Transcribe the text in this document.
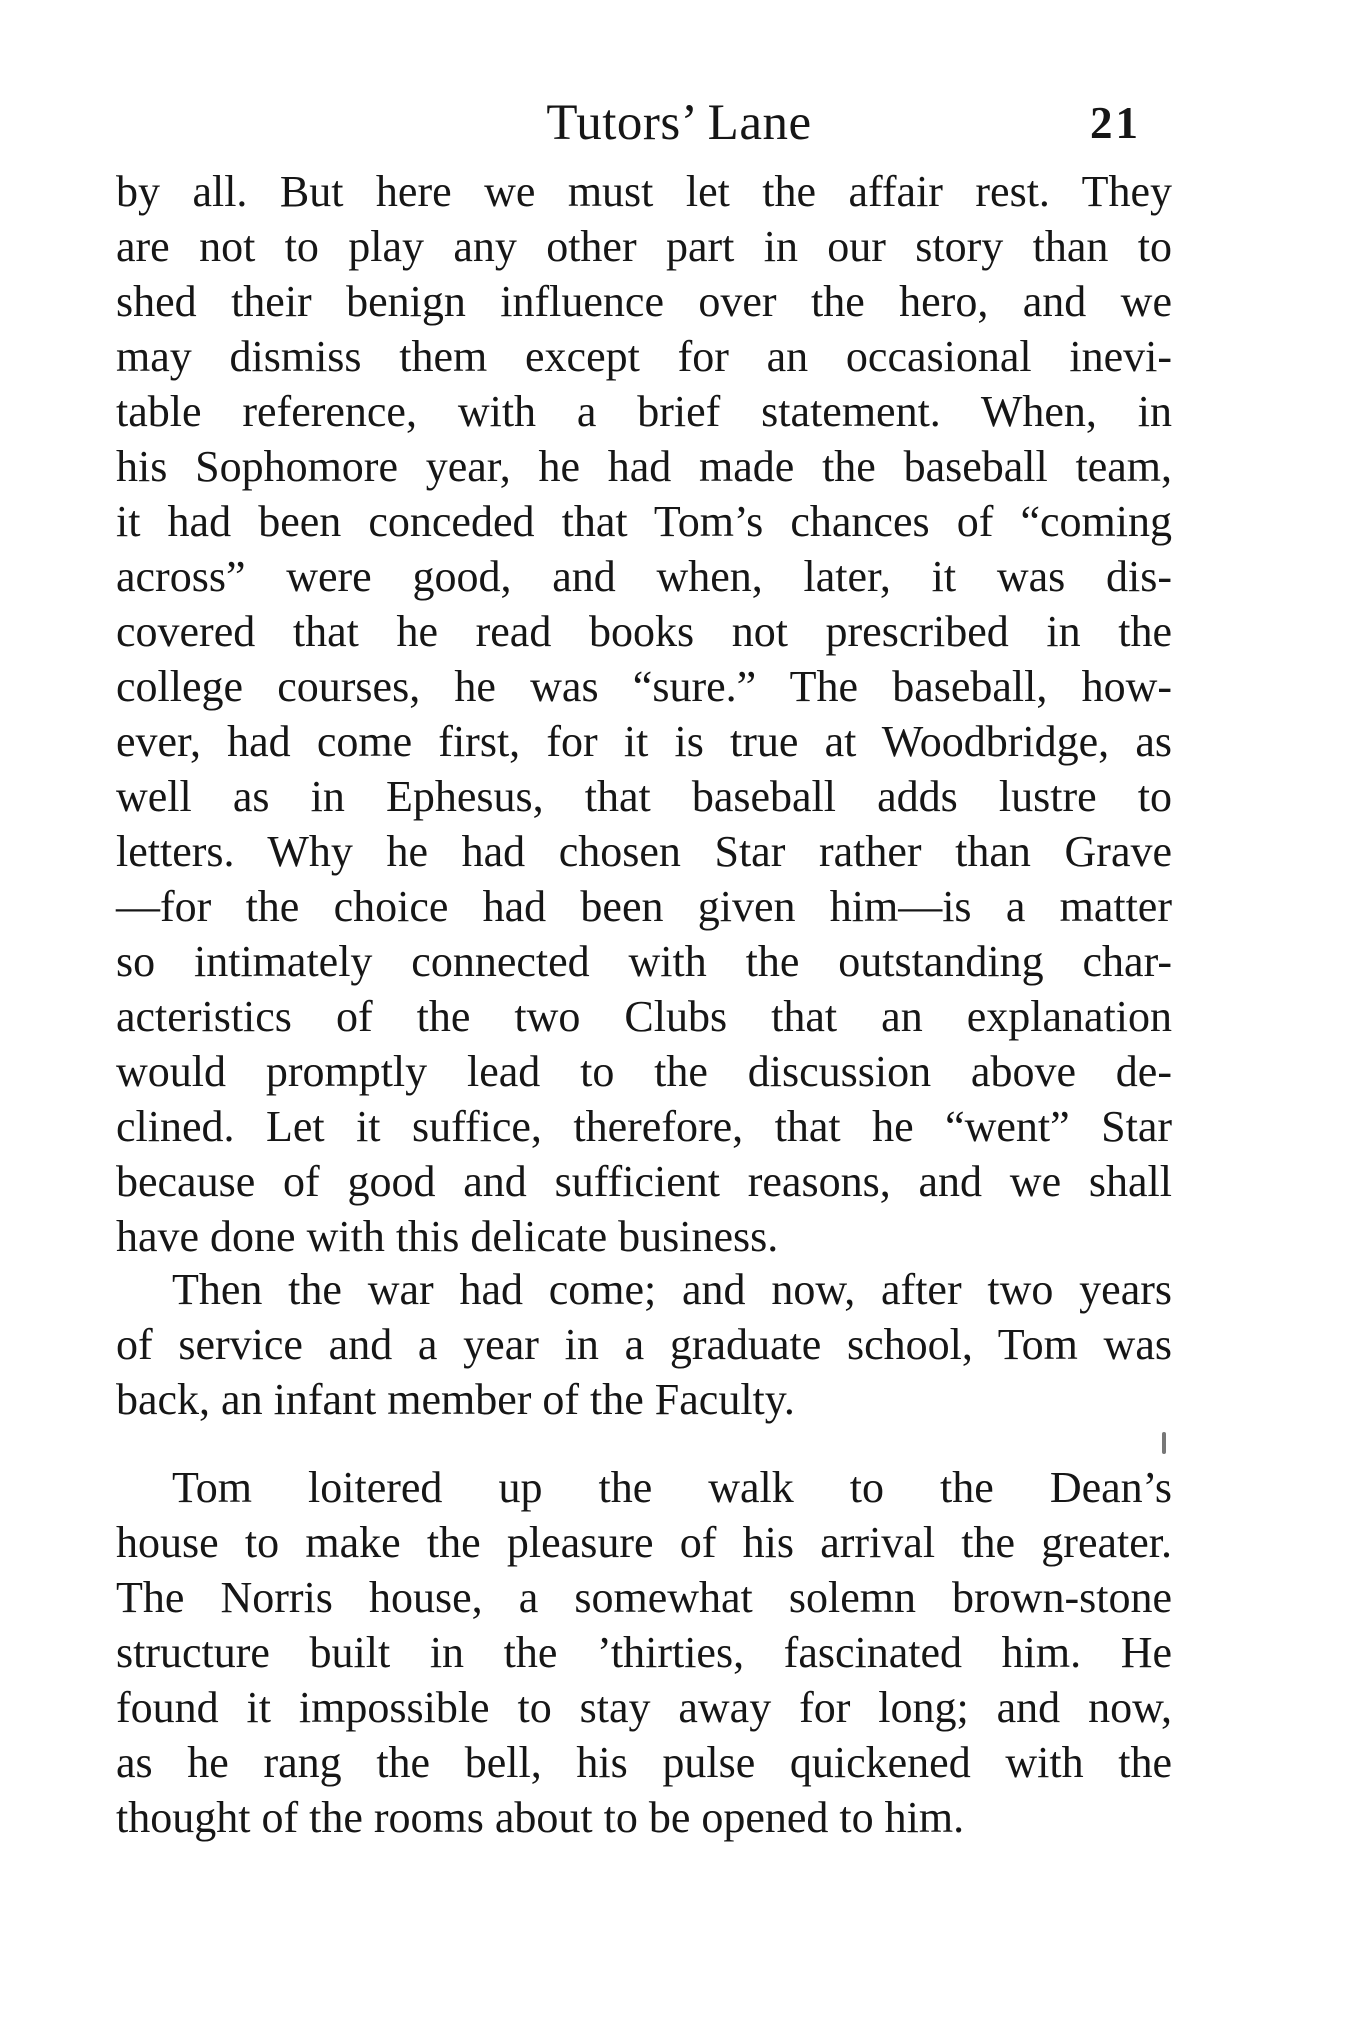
Tutors’ Lane	21
by all. But here we must let the affair rest. They
are not to play any other part in our story than to
shed their benign influence over the hero, and we
may dismiss them except for an occasional inevi-
table reference, with a brief statement. When, in
his Sophomore year, he had made the baseball team,
it had been conceded that Tom’s chances of “coming
across” were good, and when, later, it was dis-
covered that he read books not prescribed in the
college courses, he was “sure.” The baseball, how-
ever, had come first, for it is true at Woodbridge, as
well as in Ephesus, that baseball adds lustre to
letters. Why he had chosen Star rather than Grave
—for the choice had been given him—is a matter
so intimately connected with the outstanding char-
acteristics of the two Clubs that an explanation
would promptly lead to the discussion above de-
clined. Let it suffice, therefore, that he “went” Star
because of good and sufficient reasons, and we shall
have done with this delicate business.
Then the war had come; and now, after two years
of service and a year in a graduate school, Tom was
back, an infant member of the Faculty.
Tom loitered up the walk to the Dean’s
house to make the pleasure of his arrival the greater.
The Norris house, a somewhat solemn brown-stone
structure built in the ’thirties, fascinated him. He
found it impossible to stay away for long; and now,
as he rang the bell, his pulse quickened with the
thought of the rooms about to be opened to him.
